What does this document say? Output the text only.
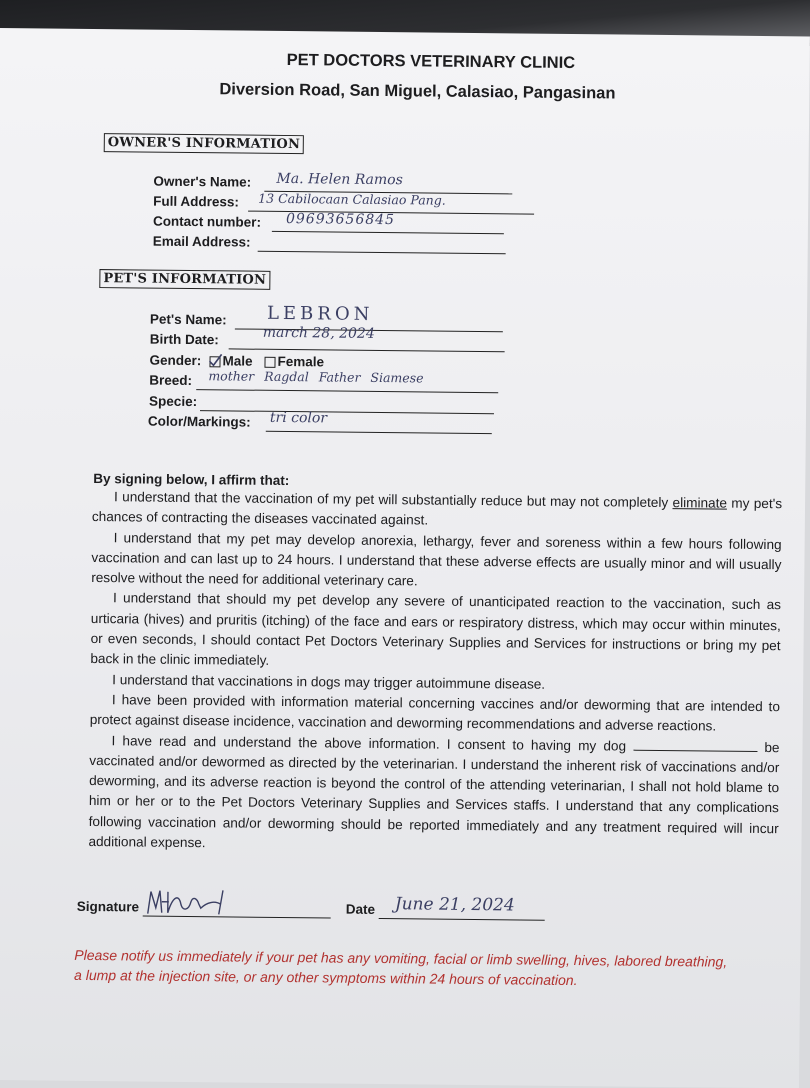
PET DOCTORS VETERINARY CLINIC
Diversion Road, San Miguel, Calasiao, Pangasinan
OWNER'S INFORMATION
Owner's Name: Ma. Helen Ramos
Full Address: 13 Cabilocaan Calasiao Pang.
Contact number: 09693656845
Email Address:
PET'S INFORMATION
Pet's Name: LEBRON
Birth Date:	march 28, 2024
Gender: Male Female
Breed: mother Ragdal Father Siamese
Specie:
Color/Markings: tri color
By signing below, I affirm that:

I understand that the vaccination of my pet will substantially reduce but may not completely eliminate my pet's chances of contracting the diseases vaccinated against.

I understand that my pet may develop anorexia, lethargy, fever and soreness within a few hours following vaccination and can last up to 24 hours. I understand that these adverse effects are usually minor and will usually resolve without the need for additional veterinary care.

I understand that should my pet develop any severe of unanticipated reaction to the vaccination, such as urticaria (hives) and pruritis (itching) of the face and ears or respiratory distress, which may occur within minutes, or even seconds, I should contact Pet Doctors Veterinary Supplies and Services for instructions or bring my pet back in the clinic immediately.

I understand that vaccinations in dogs may trigger autoimmune disease.

I have been provided with information material concerning vaccines and/or deworming that are intended to protect against disease incidence, vaccination and deworming recommendations and adverse reactions.

I have read and understand the above information. I consent to having my dog	be vaccinated and/or dewormed as directed by the veterinarian. I understand the inherent risk of vaccinations and/or deworming, and its adverse reaction is beyond the control of the attending veterinarian, I shall not hold blame to him or her or to the Pet Doctors Veterinary Supplies and Services staffs. I understand that any complications following vaccination and/or deworming should be reported immediately and any treatment required will incur additional expense.

Signature	Date June 21, 2024
Please notify us immediately if your pet has any vomiting, facial or limb swelling, hives, labored breathing, a lump at the injection site, or any other symptoms within 24 hours of vaccination.
